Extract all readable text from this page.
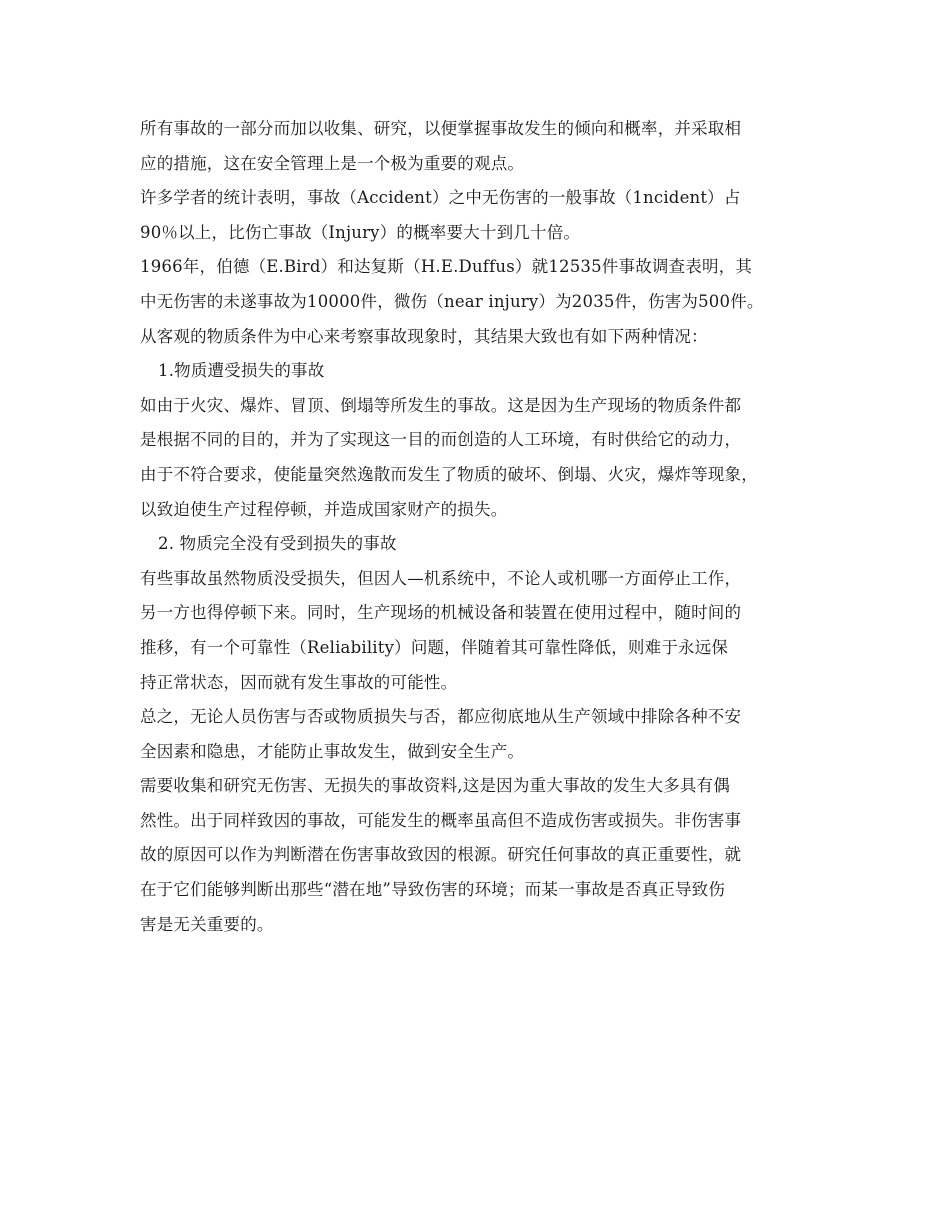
所有事故的一部分而加以收集、研究，以便掌握事故发生的倾向和概率，并采取相

应的措施，这在安全管理上是一个极为重要的观点。

许多学者的统计表明，事故（Accident）之中无伤害的一般事故（1ncident）占

90％以上，比伤亡事故（Injury）的概率要大十到几十倍。

1966年，伯德（E.Bird）和达复斯（H.E.Duffus）就12535件事故调查表明，其

中无伤害的未遂事故为10000件，微伤（near injury）为2035件，伤害为500件。

从客观的物质条件为中心来考察事故现象时，其结果大致也有如下两种情况：

1.物质遭受损失的事故

如由于火灾、爆炸、冒顶、倒塌等所发生的事故。这是因为生产现场的物质条件都

是根据不同的目的，并为了实现这一目的而创造的人工环境，有时供给它的动力，

由于不符合要求，使能量突然逸散而发生了物质的破坏、倒塌、火灾，爆炸等现象，

以致迫使生产过程停顿，并造成国家财产的损失。

2. 物质完全没有受到损失的事故

有些事故虽然物质没受损失，但因人—机系统中，不论人或机哪一方面停止工作，

另一方也得停顿下来。同时，生产现场的机械设备和装置在使用过程中，随时间的

推移，有一个可靠性（Reliability）问题，伴随着其可靠性降低，则难于永远保

持正常状态，因而就有发生事故的可能性。

总之，无论人员伤害与否或物质损失与否，都应彻底地从生产领域中排除各种不安

全因素和隐患，才能防止事故发生，做到安全生产。

需要收集和研究无伤害、无损失的事故资料,这是因为重大事故的发生大多具有偶

然性。出于同样致因的事故，可能发生的概率虽高但不造成伤害或损失。非伤害事

故的原因可以作为判断潜在伤害事故致因的根源。研究任何事故的真正重要性，就

在于它们能够判断出那些“潜在地”导致伤害的环境；而某一事故是否真正导致伤

害是无关重要的。
